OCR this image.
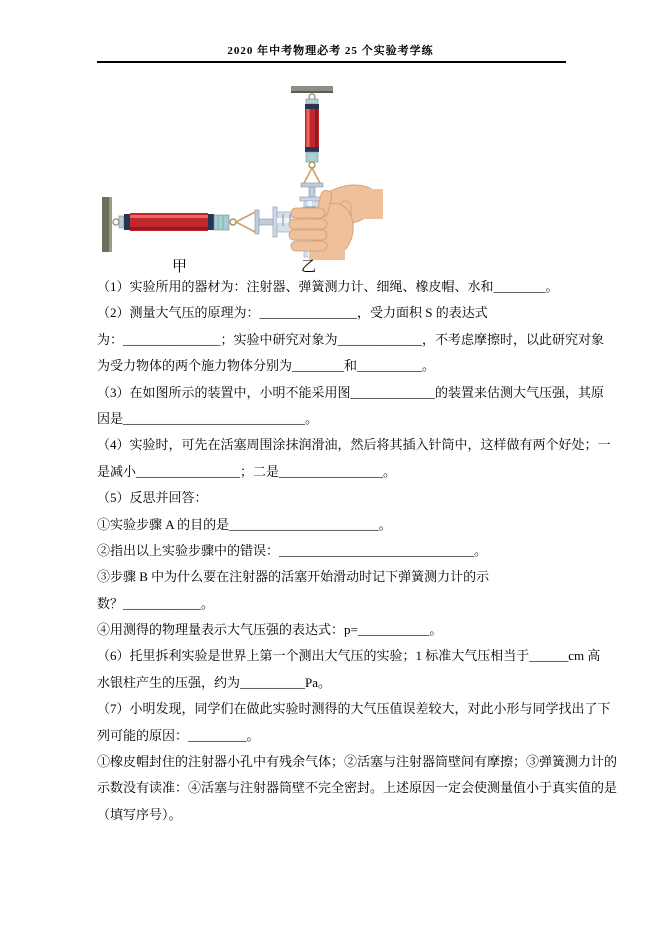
2020 年中考物理必考 25 个实验考学练
甲	乙
（1）实验所用的器材为：注射器、弹簧测力计、细绳、橡皮帽、水和________。
（2）测量大气压的原理为：_______________，受力面积 S 的表达式
为：_______________；实验中研究对象为_____________，不考虑摩擦时，以此研究对象
为受力物体的两个施力物体分别为________和__________。
（3）在如图所示的装置中，小明不能采用图_____________的装置来估测大气压强，其原
因是____________________________。
（4）实验时，可先在活塞周围涂抹润滑油，然后将其插入针筒中，这样做有两个好处；一
是减小________________；二是________________。
（5）反思并回答：
①实验步骤 A 的目的是_______________________。
②指出以上实验步骤中的错误：______________________________。
③步骤 B 中为什么要在注射器的活塞开始滑动时记下弹簧测力计的示
数？____________。
④用测得的物理量表示大气压强的表达式：p=___________。
（6）托里拆利实验是世界上第一个测出大气压的实验；1 标准大气压相当于______cm 高
水银柱产生的压强，约为__________Pa。
（7）小明发现，同学们在做此实验时测得的大气压值误差较大，对此小形与同学找出了下
列可能的原因：_________。
①橡皮帽封住的注射器小孔中有残余气体；②活塞与注射器筒壁间有摩擦；③弹簧测力计的
示数没有读准：④活塞与注射器筒壁不完全密封。上述原因一定会使测量值小于真实值的是
（填写序号）。
